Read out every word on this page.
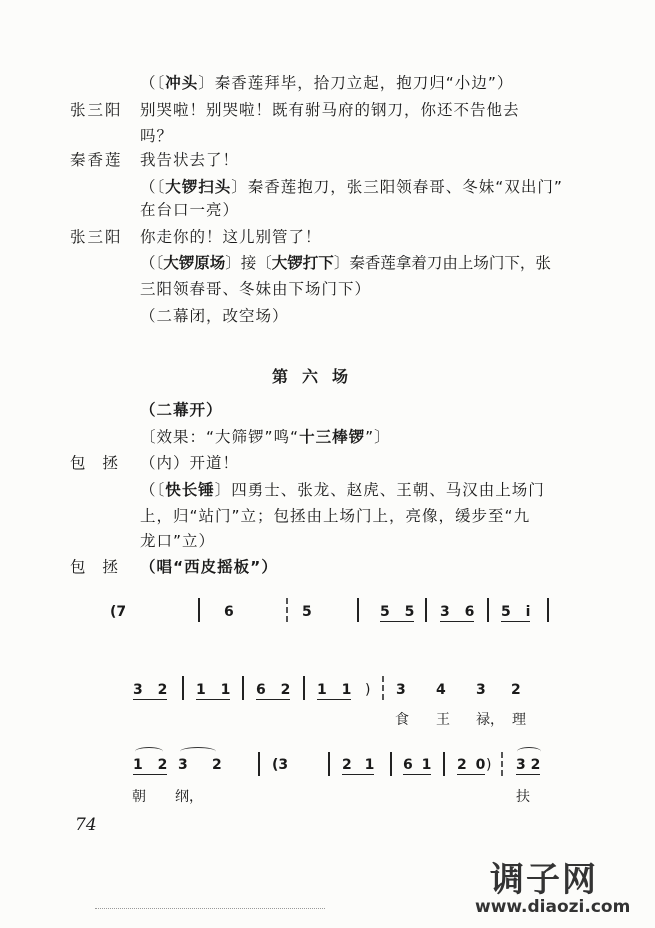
（〔冲头〕秦香莲拜毕，拾刀立起，抱刀归“小边”）
张三阳 别哭啦！别哭啦！既有驸马府的钢刀，你还不告他去
吗？
秦香莲 我告状去了！
（〔大锣扫头〕秦香莲抱刀，张三阳领春哥、冬妹“双出门”
在台口一亮）
张三阳 你走你的！这儿别管了！
（〔大锣原场〕接〔大锣打下〕秦香莲拿着刀由上场门下，张
三阳领春哥、冬妹由下场门下）
（二幕闭，改空场）
第六场
（二幕开）
〔效果：“大筛锣”鸣“十三棒锣”〕
包 拯 （内）开道！
（〔快长锤〕四勇士、张龙、赵虎、王朝、马汉由上场门
上，归“站门”立；包拯由上场门上，亮像，缓步至“九
龙口”立）
包 拯 （唱“西皮摇板”）
(7	6	5	5 5 3 6 5 i
3 2 1 1 6 2 1 1 ) 3 4 3 2
食 王 禄， 理
1 2 3 2	(3	2 1 6 1 2 0 ) 3 2
朝 纲，	扶
74
调子网
www.diaozi.com
